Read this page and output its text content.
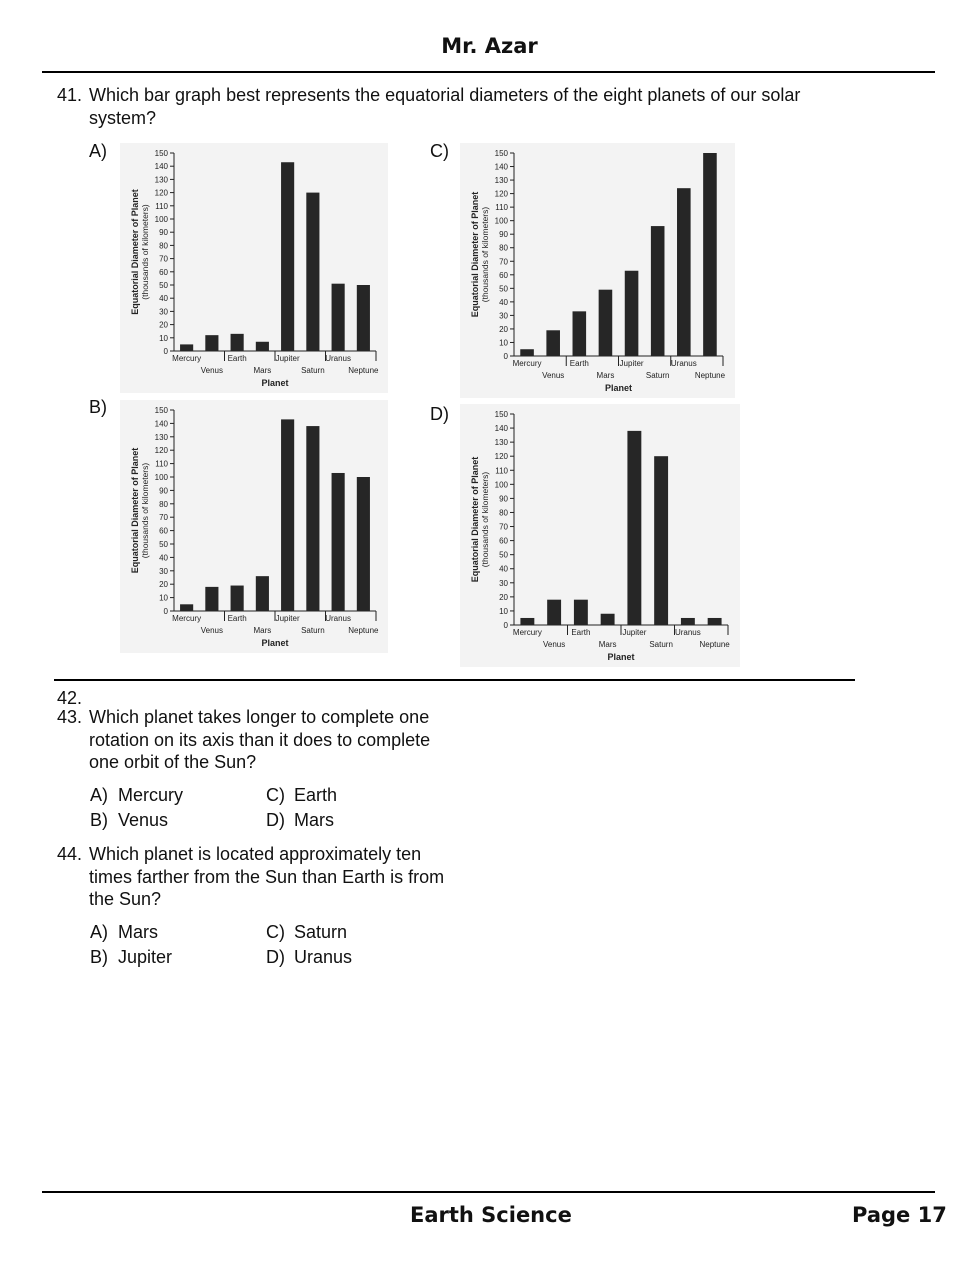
Mr. Azar
41. Which bar graph best represents the equatorial diameters of the eight planets of our solar
system?
A)
B)
C)
D)
0
10
20
30
40
50
60
70
80
90
100
110
120
130
140
150
Mercury
Venus
Earth
Mars
Jupiter
Saturn
Uranus
Neptune
Planet
Equatorial Diameter of Planet (thousands of kilometers)
0
10
20
30
40
50
60
70
80
90
100
110
120
130
140
150
Mercury
Venus
Earth
Mars
Jupiter
Saturn
Uranus
Neptune
Planet
Equatorial Diameter of Planet (thousands of kilometers)
0
10
20
30
40
50
60
70
80
90
100
110
120
130
140
150
Mercury
Venus
Earth
Mars
Jupiter
Saturn
Uranus
Neptune
Planet
Equatorial Diameter of Planet (thousands of kilometers)
0
10
20
30
40
50
60
70
80
90
100
110
120
130
140
150
Mercury
Venus
Earth
Mars
Jupiter
Saturn
Uranus
Neptune
Planet
Equatorial Diameter of Planet (thousands of kilometers)
42.
43. Which planet takes longer to complete one
rotation on its axis than it does to complete
one orbit of the Sun?
A) Mercury
B) Venus
C) Earth
D) Mars
44. Which planet is located approximately ten
times farther from the Sun than Earth is from
the Sun?
A) Mars
B) Jupiter
C) Saturn
D) Uranus
Earth Science	Page 17
